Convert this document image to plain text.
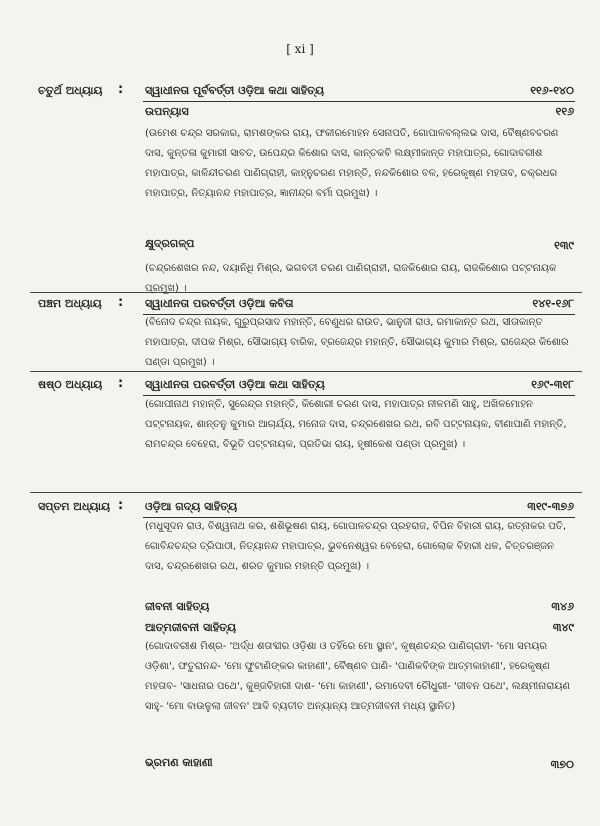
[ xi ]
ଚତୁର୍ଥ ଅଧ୍ୟାୟ : ସ୍ୱାଧୀନତା ପୂର୍ବବର୍ତ୍ତୀ ଓଡ଼ିଆ କଥା ସାହିତ୍ୟ	୧୧୬-୧୪୦
ଉପନ୍ୟାସ	୧୧୬
(ଉମେଶ ଚନ୍ଦ୍ର ସରକାର, ରାମଶଙ୍କର ରାୟ, ଫକୀରମୋହନ ସେନାପତି, ଗୋପାଳବଲ୍ଲଭ ଦାସ, ବୈଷ୍ଣବଚରଣ ଦାସ, କୁନ୍ତଳା କୁମାରୀ ସାବତ, ଉପେନ୍ଦ୍ର କିଶୋର ଦାସ, କାନ୍ତକବି ଲକ୍ଷ୍ମୀକାନ୍ତ ମହାପାତ୍ର, ଗୋଦାବରୀଶ ମହାପାତ୍ର, କାଳିନ୍ଦୀଚରଣ ପାଣିଗ୍ରାହୀ, କାହ୍ନୁଚରଣ ମହାନ୍ତି, ନନ୍ଦକିଶୋର ବଳ, ହରେକୃଷ୍ଣ ମହତାବ, ଚକ୍ରଧର ମହାପାତ୍ର, ନିତ୍ୟାନନ୍ଦ ମହାପାତ୍ର, ଜ୍ଞାନୀନ୍ଦ୍ର ବର୍ମା ପ୍ରମୁଖ) ।
କ୍ଷୁଦ୍ରଗଳ୍ପ	୧୩୯
(ଚନ୍ଦ୍ରଶେଖର ନନ୍ଦ, ଦୟାନିଧି ମିଶ୍ର, ଭଗବତୀ ଚରଣ ପାଣିଗ୍ରାହୀ, ରାଜକିଶୋର ରାୟ, ରାଜକିଶୋର ପଟ୍ଟନାୟକ ପ୍ରମୁଖ) ।
ପଞ୍ଚମ ଅଧ୍ୟାୟ : ସ୍ୱାଧୀନତା ପରବର୍ତ୍ତୀ ଓଡ଼ିଆ କବିତା	୧୪୧-୧୬୮
(ବିନୋଦ ଚନ୍ଦ୍ର ନାୟକ, ଗୁରୁପ୍ରସାଦ ମହାନ୍ତି, ବେଣୁଧର ରାଉତ, ଭାନୁଜୀ ରାଓ, ରମାକାନ୍ତ ରଥ, ସୀତାକାନ୍ତ ମହାପାତ୍ର, ଦୀପକ ମିଶ୍ର, ସୌଭାଗ୍ୟ ବାରିକ, ବ୍ରଜେନ୍ଦ୍ର ମହାନ୍ତି, ସୌଭାଗ୍ୟ କୁମାର ମିଶ୍ର, ରାଜେନ୍ଦ୍ର କିଶୋର ପଣ୍ଡା ପ୍ରମୁଖ) ।
ଷଷ୍ଠ ଅଧ୍ୟାୟ : ସ୍ୱାଧୀନତା ପରବର୍ତ୍ତୀ ଓଡ଼ିଆ କଥା ସାହିତ୍ୟ	୧୬୯-୩୧୮
(ଗୋପୀନାଥ ମହାନ୍ତି, ସୁରେନ୍ଦ୍ର ମହାନ୍ତି, କିଶୋରୀ ଚରଣ ଦାସ, ମହାପାତ୍ର ନୀଳମଣି ସାହୁ, ଅଖିଳମୋହନ ପଟ୍ଟନାୟକ, ଶାନ୍ତନୁ କୁମାର ଆଚାର୍ଯ୍ୟ, ମନୋଜ ଦାସ, ଚନ୍ଦ୍ରଶେଖର ରଥ, ରବି ପଟ୍ଟନାୟକ, ବୀଣାପାଣି ମହାନ୍ତି, ରାମଚନ୍ଦ୍ର ବେହେରା, ବିଭୂତି ପଟ୍ଟନାୟକ, ପ୍ରତିଭା ରାୟ, ହୃଷୀକେଶ ପଣ୍ଡା ପ୍ରମୁଖ) ।
ସପ୍ତମ ଅଧ୍ୟାୟ : ଓଡ଼ିଆ ଗଦ୍ୟ ସାହିତ୍ୟ	୩୧୯-୩୭୬
(ମଧୁସୂଦନ ରାଓ, ବିଶ୍ୱନାଥ କର, ଶଶିଭୂଷଣ ରାୟ, ଗୋପାଳଚନ୍ଦ୍ର ପ୍ରହରାଜ, ବିପିନ ବିହାରୀ ରାୟ, ରତ୍ନାକର ପତି, ଗୋବିନ୍ଦଚନ୍ଦ୍ର ତ୍ରିପାଠୀ, ନିତ୍ୟାନନ୍ଦ ମହାପାତ୍ର, ଭୁବନେଶ୍ୱର ବେହେରା, ଗୋଲୋକ ବିହାରୀ ଧଳ, ଚିତ୍ତରଞ୍ଜନ ଦାସ, ଚନ୍ଦ୍ରଶେଖର ରଥ, ଶରତ କୁମାର ମହାନ୍ତି ପ୍ରମୁଖ) ।
ଜୀବନୀ ସାହିତ୍ୟ	୩୪୬
ଆତ୍ମଜୀବନୀ ସାହିତ୍ୟ	୩୪୯
(ଗୋଦାବରୀଶ ମିଶ୍ର- 'ଅର୍ଦ୍ଧ ଶତାବ୍ଦୀର ଓଡ଼ିଶା ଓ ତହିଁରେ ମୋ ସ୍ଥାନ', କୃଷ୍ଣଚନ୍ଦ୍ର ପାଣିଗ୍ରାହୀ- 'ମୋ ସମୟର ଓଡ଼ିଶା', ଫତୁରାନନ୍ଦ- 'ମୋ ଫୁଟାଣିଙ୍କର କାହାଣୀ', ବୈଷ୍ଣବ ପାଣି- 'ପାଣିକବିଙ୍କ ଆତ୍ମକାହାଣୀ', ହରେକୃଷ୍ଣ ମହତାବ- 'ସାଧନାର ପଥେ', କୁଞ୍ଜବିହାରୀ ଦାଶ- 'ମୋ କାହାଣୀ', ରମାଦେବୀ ଚୌଧୁରୀ- 'ଜୀବନ ପଥେ', ଲକ୍ଷ୍ମୀନାରାୟଣ ସାହୁ- 'ମୋ ବାଉଳୁଲା ଜୀବନ' ଆଦି ବ୍ୟତୀତ ଅନ୍ୟାନ୍ୟ ଆତ୍ମଜୀବନୀ ମଧ୍ୟ ସ୍ଥାନିତ)
ଭ୍ରମଣ କାହାଣୀ	୩୭୦
